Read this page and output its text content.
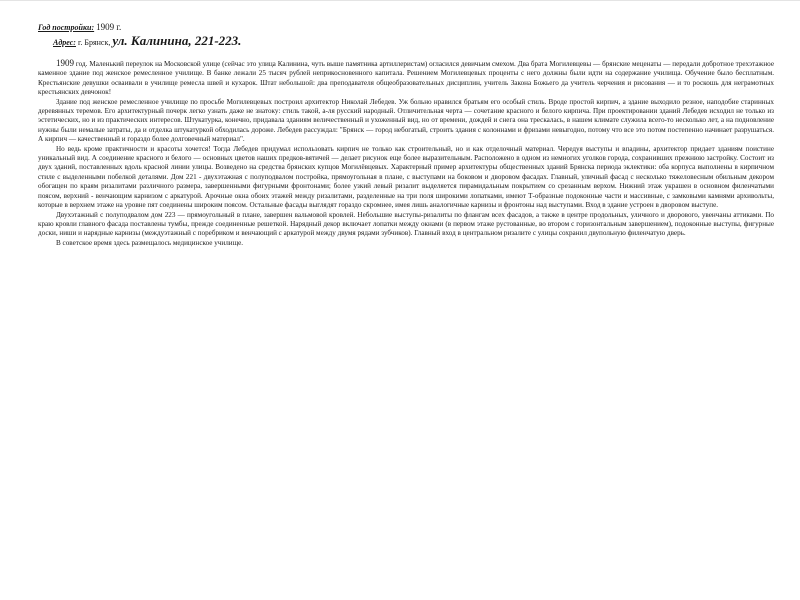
Год постройки: 1909 г.
Адрес: г. Брянск, ул. Калинина, 221-223.

1909 год. Маленький переулок на Московской улице (сейчас это улица Калинина, чуть выше памятника артиллеристам) огласился девичьим смехом. Два брата Могилевцевы — брянские меценаты — передали добротное трехэтажное каменное здание под женское ремесленное училище. В банке лежали 25 тысяч рублей неприкосновенного капитала. Решением Могилевцевых проценты с него должны были идти на содержание училища. Обучение было бесплатным. Крестьянские девушки осваивали в училище ремесла швей и кухарок. Штат небольшой: два преподавателя общеобразовательных дисциплин, учитель Закона Божьего да учитель черчения и рисования — и то роскошь для неграмотных крестьянских девчонок!

Здание под женское ремесленное училище по просьбе Могилевцевых построил архитектор Николай Лебедев. Уж больно нравился братьям его особый стиль. Вроде простой кирпич, а здание выходило резное, наподобие старинных деревянных теремов. Его архитектурный почерк легко узнать даже не знатоку: стиль такой, а-ля русский народный. Отличительная черта — сочетание красного и белого кирпича. При проектировании зданий Лебедев исходил не только из эстетических, но и из практических интересов. Штукатурка, конечно, придавала зданиям величественный и ухоженный вид, но от времени, дождей и снега она трескалась, в нашем климате служила всего-то несколько лет, а на подновление нужны были немалые затраты, да и отделка штукатуркой обходилась дороже. Лебедев рассуждал: "Брянск — город небогатый, строить здания с колоннами и фризами невыгодно, потому что все это потом постепенно начинает разрушаться. А кирпич — качественный и гораздо более долговечный материал".

Но ведь кроме практичности и красоты хочется! Тогда Лебедев придумал использовать кирпич не только как строительный, но и как отделочный материал. Чередуя выступы и впадины, архитектор придает зданиям поистине уникальный вид. А соединение красного и белого — основных цветов наших предков-вятичей — делает рисунок еще более выразительным. Расположено в одном из немногих уголков города, сохранивших прежнюю застройку. Состоит из двух зданий, поставленных вдоль красной линии улицы. Возведено на средства брянских купцов Могилёвцевых. Характерный пример архитектуры общественных зданий Брянска периода эклектики: оба корпуса выполнены в кирпичном стиле с выделенными побелкой деталями. Дом 221 - двухэтажная с полуподвалом постройка, прямоугольная в плане, с выступами на боковом и дворовом фасадах. Главный, уличный фасад с несколько тяжеловесным обильным декором обогащен по краям ризалитами различного размера, завершенными фигурными фронтонами; более узкий левый ризалит выделяется пирамидальным покрытием со срезанным верхом. Нижний этаж украшен в основном филенчатыми поясом, верхний - венчающим карнизом с аркатурой. Арочные окна обоих этажей между ризалитами, разделенные на три поля широкими лопатками, имеют Т-образные подоконные части и массивные, с замковыми камнями архивольты, которые в верхнем этаже на уровне пят соединены широким поясом. Остальные фасады выглядят гораздо скромнее, имея лишь аналогичные карнизы и фронтоны над выступами. Вход в здание устроен в дворовом выступе.

Двухэтажный с полуподвалом дом 223 — прямоугольный в плане, завершен вальмовой кровлей. Небольшие выступы-ризалиты по флангам всех фасадов, а также в центре продольных, уличного и дворового, увенчаны аттиками. По краю кровли главного фасада поставлены тумбы, прежде соединенные решеткой. Нарядный декор включает лопатки между окнами (в первом этаже рустованные, во втором с горизонтальным завершением), подоконные выступы, фигурные доски, ниши и нарядные карнизы (междуэтажный с поребриком и венчающий с аркатурой между двумя рядами зубчиков). Главный вход в центральном ризалите с улицы сохранил двупольную филенчатую дверь.

В советское время здесь размещалось медицинское училище.
